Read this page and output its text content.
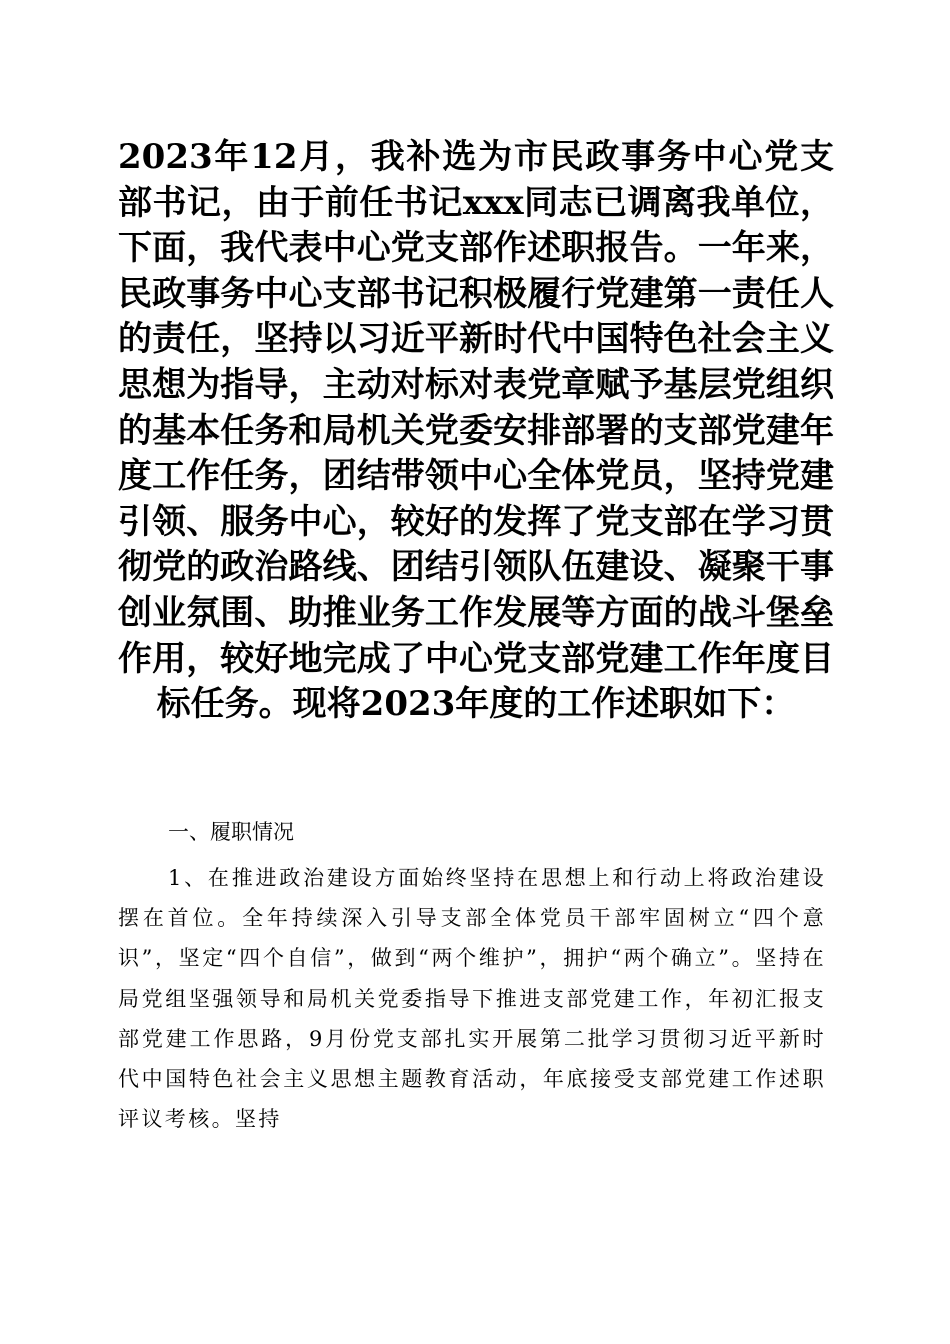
2023年12月，我补选为市民政事务中心党支部书记，由于前任书记xxx同志已调离我单位，下面，我代表中心党支部作述职报告。一年来，民政事务中心支部书记积极履行党建第一责任人的责任，坚持以习近平新时代中国特色社会主义思想为指导，主动对标对表党章赋予基层党组织的基本任务和局机关党委安排部署的支部党建年度工作任务，团结带领中心全体党员，坚持党建引领、服务中心，较好的发挥了党支部在学习贯彻党的政治路线、团结引领队伍建设、凝聚干事创业氛围、助推业务工作发展等方面的战斗堡垒作用，较好地完成了中心党支部党建工作年度目标任务。现将2023年度的工作述职如下：

一、履职情况

1、在推进政治建设方面始终坚持在思想上和行动上将政治建设摆在首位。全年持续深入引导支部全体党员干部牢固树立“四个意识”，坚定“四个自信”，做到“两个维护”，拥护“两个确立”。坚持在局党组坚强领导和局机关党委指导下推进支部党建工作，年初汇报支部党建工作思路，9月份党支部扎实开展第二批学习贯彻习近平新时代中国特色社会主义思想主题教育活动，年底接受支部党建工作述职评议考核。坚持
